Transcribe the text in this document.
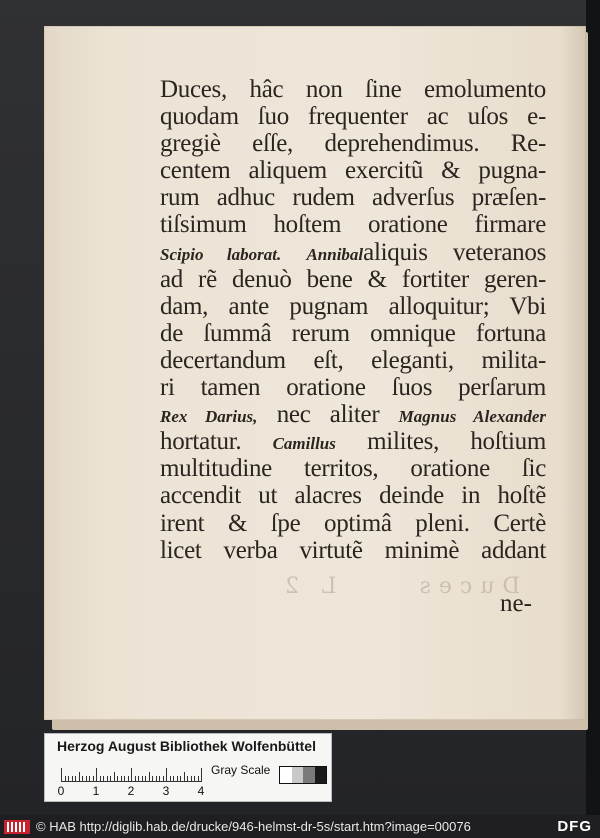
Duces L 2
Duces, hâc non ſine emolumento
quodam ſuo frequenter ac uſos e-
gregiè eſſe, deprehendimus. Re-
centem aliquem exercitũ & pugna-
rum adhuc rudem adverſus præſen-
tiſsimum hoſtem oratione firmare
Scipio laborat. Annibalaliquis veteranos
ad rẽ denuò bene & fortiter geren-
dam, ante pugnam alloquitur; Vbi
de ſummâ rerum omnique fortuna
decertandum eſt, eleganti, milita-
ri tamen oratione ſuos perſarum
Rex Darius, nec aliter Magnus Alexander
hortatur. Camillus milites, hoſtium
multitudine territos, oratione ſic
accendit ut alacres deinde in hoſtẽ
irent & ſpe optimâ pleni. Certè
licet verba virtutẽ minimè addant
ne-
Herzog August Bibliothek Wolfenbüttel
0 1 2 3 4
Gray Scale
© HAB http://diglib.hab.de/drucke/946-helmst-dr-5s/start.htm?image=00076	DFG
